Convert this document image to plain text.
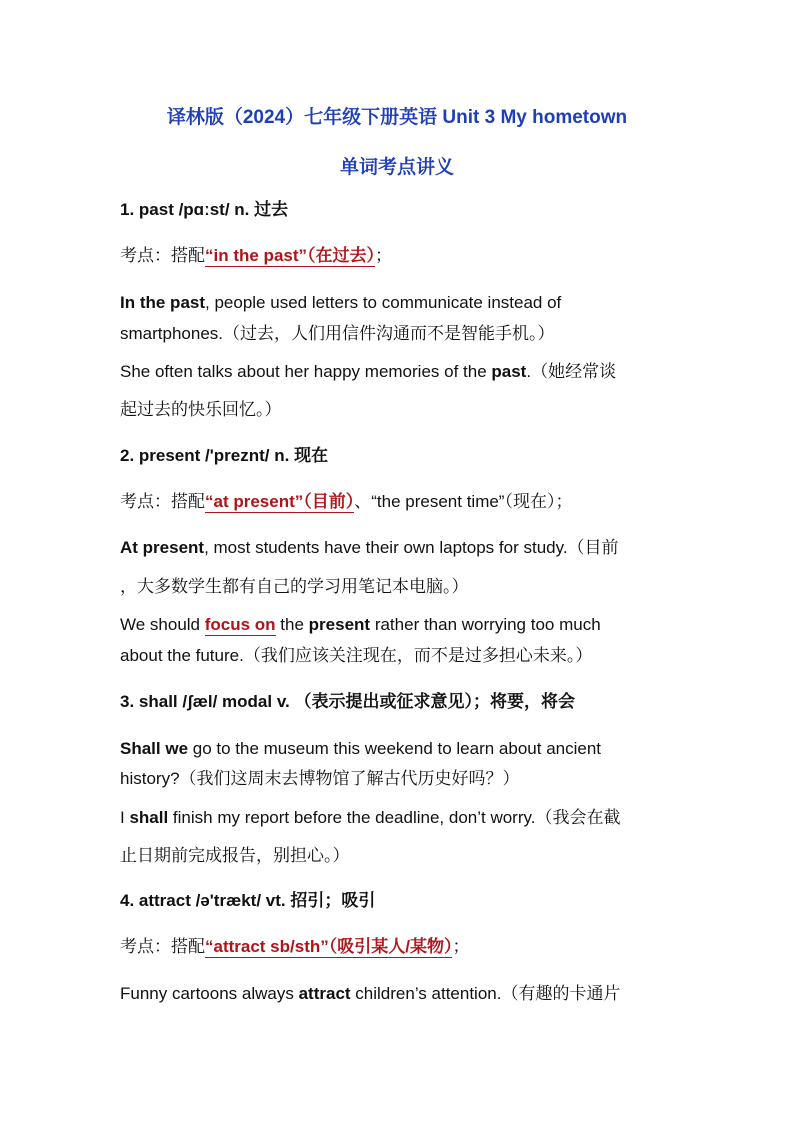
译林版（2024）七年级下册英语 Unit 3 My hometown
单词考点讲义
1. past /pɑːst/ n. 过去
考点：搭配“in the past”（在过去）；
In the past, people used letters to communicate instead of
smartphones.（过去，人们用信件沟通而不是智能手机。）
She often talks about her happy memories of the past.（她经常谈
起过去的快乐回忆。）
2. present /'preznt/ n. 现在
考点：搭配“at present”（目前）、“the present time”（现在）；
At present, most students have their own laptops for study.（目前
，大多数学生都有自己的学习用笔记本电脑。）
We should focus on the present rather than worrying too much
about the future.（我们应该关注现在，而不是过多担心未来。）
3. shall /ʃæl/ modal v. （表示提出或征求意见）；将要，将会
Shall we go to the museum this weekend to learn about ancient
history?（我们这周末去博物馆了解古代历史好吗？）
I shall finish my report before the deadline, don’t worry.（我会在截
止日期前完成报告，别担心。）
4. attract /ə'trækt/ vt. 招引；吸引
考点：搭配“attract sb/sth”（吸引某人/某物）；
Funny cartoons always attract children’s attention.（有趣的卡通片
